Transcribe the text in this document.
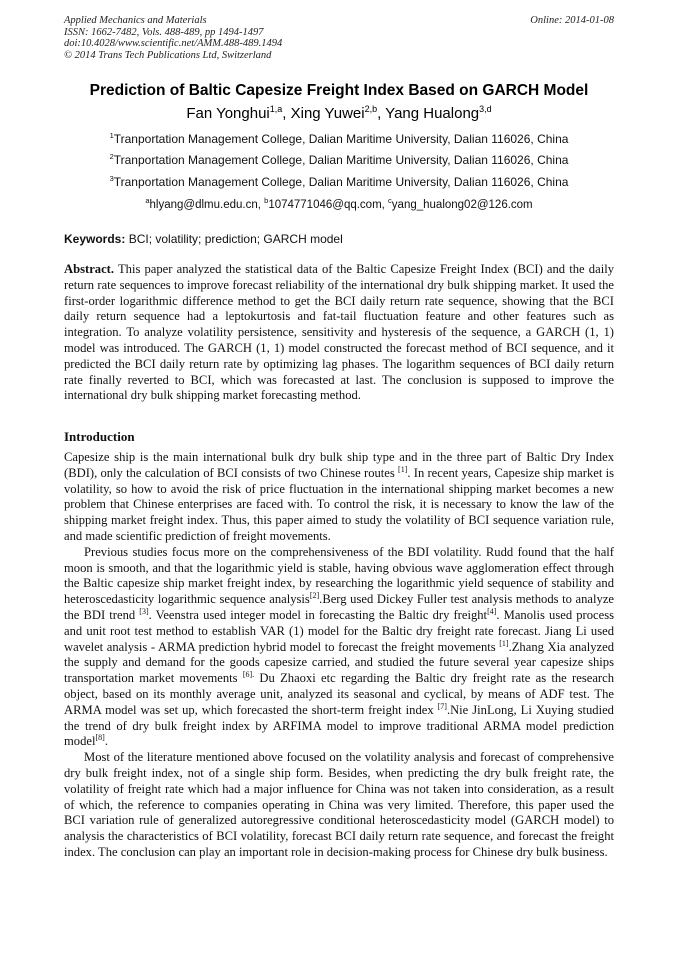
Applied Mechanics and Materials
ISSN: 1662-7482, Vols. 488-489, pp 1494-1497
doi:10.4028/www.scientific.net/AMM.488-489.1494
© 2014 Trans Tech Publications Ltd, Switzerland
Online: 2014-01-08
Prediction of Baltic Capesize Freight Index Based on GARCH Model
Fan Yonghui$^{1,a}$, Xing Yuwei$^{2,b}$, Yang Hualong$^{3,d}$
$^1$Tranportation Management College, Dalian Maritime University, Dalian 116026, China
$^2$Tranportation Management College, Dalian Maritime University, Dalian 116026, China
$^3$Tranportation Management College, Dalian Maritime University, Dalian 116026, China
$^a$hlyang@dlmu.edu.cn, $^b$1074771046@qq.com, $^c$yang_hualong02@126.com
Keywords: BCI; volatility; prediction; GARCH model

Abstract. This paper analyzed the statistical data of the Baltic Capesize Freight Index (BCI) and the daily return rate sequences to improve forecast reliability of the international dry bulk shipping market. It used the first-order logarithmic difference method to get the BCI daily return rate sequence, showing that the BCI daily return sequence had a leptokurtosis and fat-tail fluctuation feature and other features such as integration. To analyze volatility persistence, sensitivity and hysteresis of the sequence, a GARCH (1, 1) model was introduced. The GARCH (1, 1) model constructed the forecast method of BCI sequence, and it predicted the BCI daily return rate by optimizing lag phases. The logarithm sequences of BCI daily return rate finally reverted to BCI, which was forecasted at last. The conclusion is supposed to improve the international dry bulk shipping market forecasting method.

Introduction

Capesize ship is the main international bulk dry bulk ship type and in the three part of Baltic Dry Index (BDI), only the calculation of BCI consists of two Chinese routes [1]. In recent years, Capesize ship market is volatility, so how to avoid the risk of price fluctuation in the international shipping market becomes a new problem that Chinese enterprises are faced with. To control the risk, it is necessary to know the law of the shipping market freight index. Thus, this paper aimed to study the volatility of BCI sequence variation rule, and made scientific prediction of freight movements.

Previous studies focus more on the comprehensiveness of the BDI volatility. Rudd found that the half moon is smooth, and that the logarithmic yield is stable, having obvious wave agglomeration effect through the Baltic capesize ship market freight index, by researching the logarithmic yield sequence of stability and heteroscedasticity logarithmic sequence analysis[2].Berg used Dickey Fuller test analysis methods to analyze the BDI trend [3]. Veenstra used integer model in forecasting the Baltic dry freight[4]. Manolis used process and unit root test method to establish VAR (1) model for the Baltic dry freight rate forecast. Jiang Li used wavelet analysis - ARMA prediction hybrid model to forecast the freight movements [1].Zhang Xia analyzed the supply and demand for the goods capesize carried, and studied the future several year capesize ships transportation market movements $^{[6].}$ Du Zhaoxi etc regarding the Baltic dry freight rate as the research object, based on its monthly average unit, analyzed its seasonal and cyclical, by means of ADF test. The ARMA model was set up, which forecasted the short-term freight index [7].Nie JinLong, Li Xuying studied the trend of dry bulk freight index by ARFIMA model to improve traditional ARMA model prediction model[8].

Most of the literature mentioned above focused on the volatility analysis and forecast of comprehensive dry bulk freight index, not of a single ship form. Besides, when predicting the dry bulk freight rate, the volatility of freight rate which had a major influence for China was not taken into consideration, as a result of which, the reference to companies operating in China was very limited. Therefore, this paper used the BCI variation rule of generalized autoregressive conditional heteroscedasticity model (GARCH model) to analysis the characteristics of BCI volatility, forecast BCI daily return rate sequence, and forecast the freight index. The conclusion can play an important role in decision-making process for Chinese dry bulk business.
